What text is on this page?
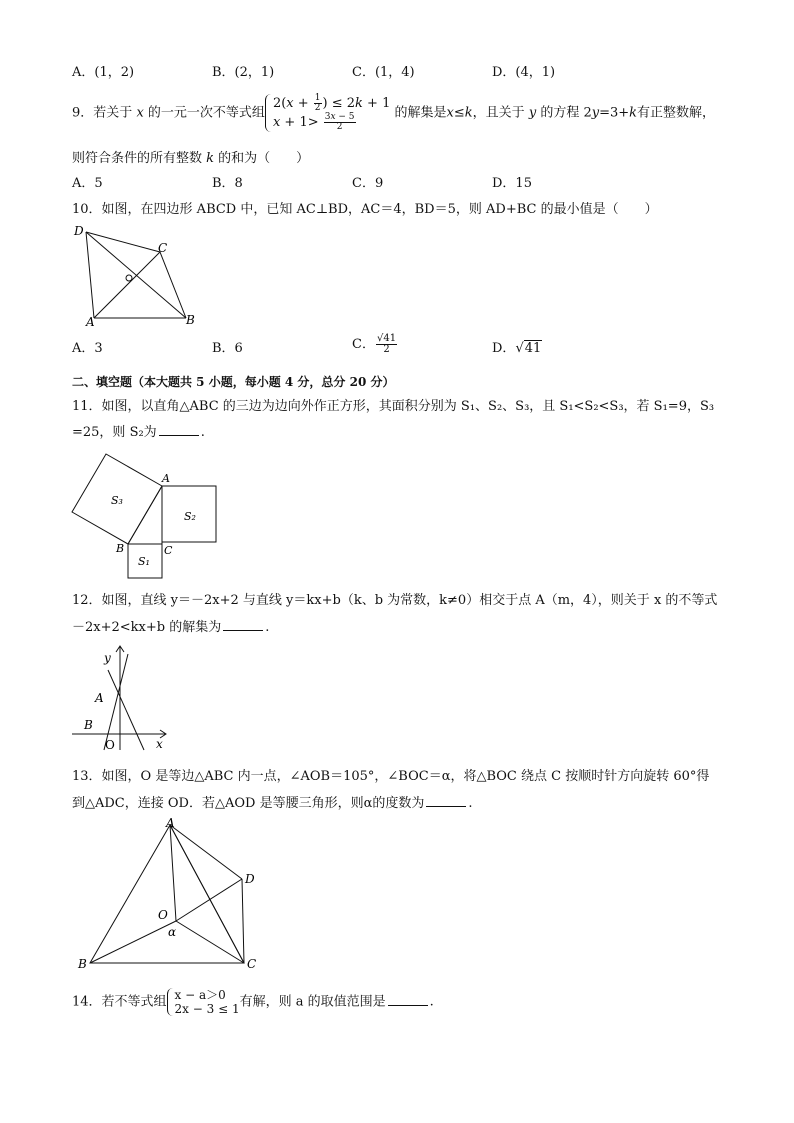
A．(1，2)	B．(2，1)	C．(1，4)	D．(4，1)
9．若关于 x 的一元一次不等式组
$2(x + \frac{1}{2}$ ) ≤ 2k + 1
$x + 1> \frac{3x - 5}{2}$	的解集是x≤k，且关于 y 的方程 2y=3+k有正整数解，
则符合条件的所有整数 k 的和为（　　）
A．5	B．8	C．9	D．15
10．如图，在四边形 ABCD 中，已知 AC⊥BD，AC＝4，BD＝5，则 AD+BC 的最小值是（　　）
D
C
A	B
A．3	B．6	C． $\frac{√41}{2}$	D．√41
二、填空题（本大题共 5 小题，每小题 4 分，总分 20 分）
11．如图，以直角△ABC 的三边为边向外作正方形，其面积分别为 S₁、S₂、S₃，且 S₁<S₂<S₃，若 S₁=9，S₃
=25，则 S₂为	.
S₃
A
S₂
B	C
S₁
12．如图，直线 y＝－2x+2 与直线 y＝kx+b（k、b 为常数，k≠0）相交于点 A（m，4），则关于 x 的不等式
－2x+2<kx+b 的解集为	.
y
A
B
O	x
13．如图，O 是等边△ABC 内一点，∠AOB＝105°，∠BOC＝α，将△BOC 绕点 C 按顺时针方向旋转 60°得
到△ADC，连接 OD．若△AOD 是等腰三角形，则α的度数为	.
A
D
O
α
B	C
14．若不等式组 x − a＞0
2x − 3 ≤ 1 有解，则 a 的取值范围是	.
